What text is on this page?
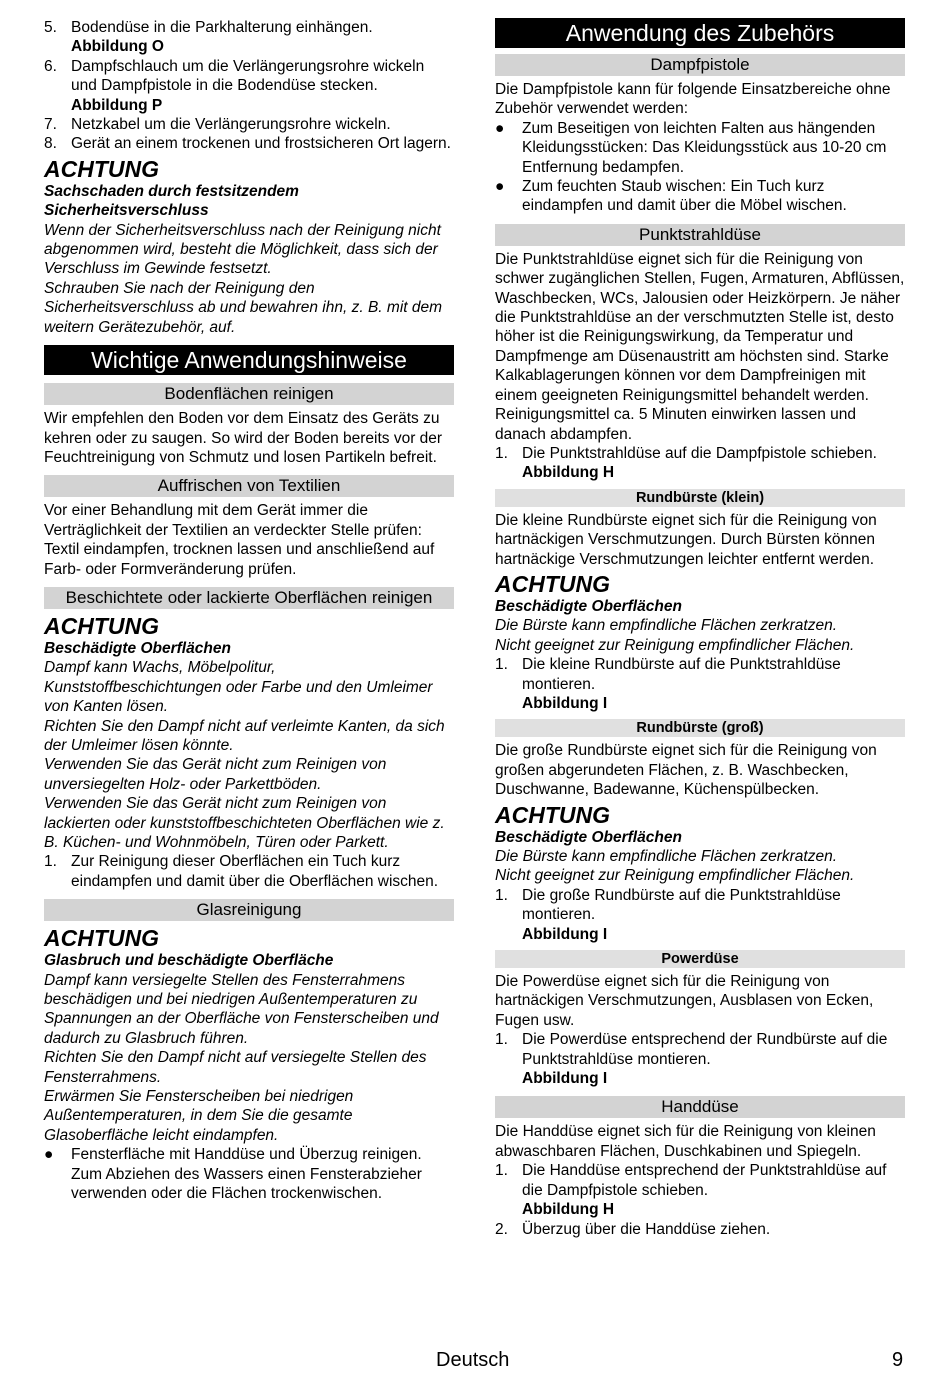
5. Bodendüse in die Parkhalterung einhängen.
Abbildung O
6. Dampfschlauch um die Verlängerungsrohre wickeln und Dampfpistole in die Bodendüse stecken.
Abbildung P
7. Netzkabel um die Verlängerungsrohre wickeln.
8. Gerät an einem trockenen und frostsicheren Ort lagern.
ACHTUNG

Sachschaden durch festsitzendem Sicherheitsverschluss

Wenn der Sicherheitsverschluss nach der Reinigung nicht abgenommen wird, besteht die Möglichkeit, dass sich der Verschluss im Gewinde festsetzt.

Schrauben Sie nach der Reinigung den Sicherheitsverschluss ab und bewahren ihn, z. B. mit dem weitern Gerätezubehör, auf.

Wichtige Anwendungshinweise
Bodenflächen reinigen

Wir empfehlen den Boden vor dem Einsatz des Geräts zu kehren oder zu saugen. So wird der Boden bereits vor der Feuchtreinigung von Schmutz und losen Partikeln befreit.

Auffrischen von Textilien

Vor einer Behandlung mit dem Gerät immer die Verträglichkeit der Textilien an verdeckter Stelle prüfen: Textil eindampfen, trocknen lassen und anschließend auf Farb- oder Formveränderung prüfen.

Beschichtete oder lackierte Oberflächen reinigen
ACHTUNG

Beschädigte Oberflächen

Dampf kann Wachs, Möbelpolitur, Kunststoffbeschichtungen oder Farbe und den Umleimer von Kanten lösen.

Richten Sie den Dampf nicht auf verleimte Kanten, da sich der Umleimer lösen könnte.

Verwenden Sie das Gerät nicht zum Reinigen von unversiegelten Holz- oder Parkettböden.

Verwenden Sie das Gerät nicht zum Reinigen von lackierten oder kunststoffbeschichteten Oberflächen wie z. B. Küchen- und Wohnmöbeln, Türen oder Parkett.

1. Zur Reinigung dieser Oberflächen ein Tuch kurz eindampfen und damit über die Oberflächen wischen.
Glasreinigung
ACHTUNG

Glasbruch und beschädigte Oberfläche

Dampf kann versiegelte Stellen des Fensterrahmens beschädigen und bei niedrigen Außentemperaturen zu Spannungen an der Oberfläche von Fensterscheiben und dadurch zu Glasbruch führen.

Richten Sie den Dampf nicht auf versiegelte Stellen des Fensterrahmens.

Erwärmen Sie Fensterscheiben bei niedrigen Außentemperaturen, in dem Sie die gesamte Glasoberfläche leicht eindampfen.

●	Fensterfläche mit Handdüse und Überzug reinigen. Zum Abziehen des Wassers einen Fensterabzieher verwenden oder die Flächen trockenwischen.
Anwendung des Zubehörs
Dampfpistole

Die Dampfpistole kann für folgende Einsatzbereiche ohne Zubehör verwendet werden:

●	Zum Beseitigen von leichten Falten aus hängenden Kleidungsstücken: Das Kleidungsstück aus 10-20 cm Entfernung bedampfen.
●	Zum feuchten Staub wischen: Ein Tuch kurz eindampfen und damit über die Möbel wischen.
Punktstrahldüse

Die Punktstrahldüse eignet sich für die Reinigung von schwer zugänglichen Stellen, Fugen, Armaturen, Abflüssen, Waschbecken, WCs, Jalousien oder Heizkörpern. Je näher die Punktstrahldüse an der verschmutzten Stelle ist, desto höher ist die Reinigungswirkung, da Temperatur und Dampfmenge am Düsenaustritt am höchsten sind. Starke Kalkablagerungen können vor dem Dampfreinigen mit einem geeigneten Reinigungsmittel behandelt werden. Reinigungsmittel ca. 5 Minuten einwirken lassen und danach abdampfen.

1. Die Punktstrahldüse auf die Dampfpistole schieben.
Abbildung H
Rundbürste (klein)

Die kleine Rundbürste eignet sich für die Reinigung von hartnäckigen Verschmutzungen. Durch Bürsten können hartnäckige Verschmutzungen leichter entfernt werden.

ACHTUNG

Beschädigte Oberflächen

Die Bürste kann empfindliche Flächen zerkratzen.

Nicht geeignet zur Reinigung empfindlicher Flächen.

1. Die kleine Rundbürste auf die Punktstrahldüse montieren.
Abbildung I
Rundbürste (groß)

Die große Rundbürste eignet sich für die Reinigung von großen abgerundeten Flächen, z. B. Waschbecken, Duschwanne, Badewanne, Küchenspülbecken.

ACHTUNG

Beschädigte Oberflächen

Die Bürste kann empfindliche Flächen zerkratzen.

Nicht geeignet zur Reinigung empfindlicher Flächen.

1. Die große Rundbürste auf die Punktstrahldüse montieren.
Abbildung I
Powerdüse

Die Powerdüse eignet sich für die Reinigung von hartnäckigen Verschmutzungen, Ausblasen von Ecken, Fugen usw.

1. Die Powerdüse entsprechend der Rundbürste auf die Punktstrahldüse montieren.
Abbildung I
Handdüse

Die Handdüse eignet sich für die Reinigung von kleinen abwaschbaren Flächen, Duschkabinen und Spiegeln.

1. Die Handdüse entsprechend der Punktstrahldüse auf die Dampfpistole schieben.
Abbildung H
2. Überzug über die Handdüse ziehen.
Deutsch	9
